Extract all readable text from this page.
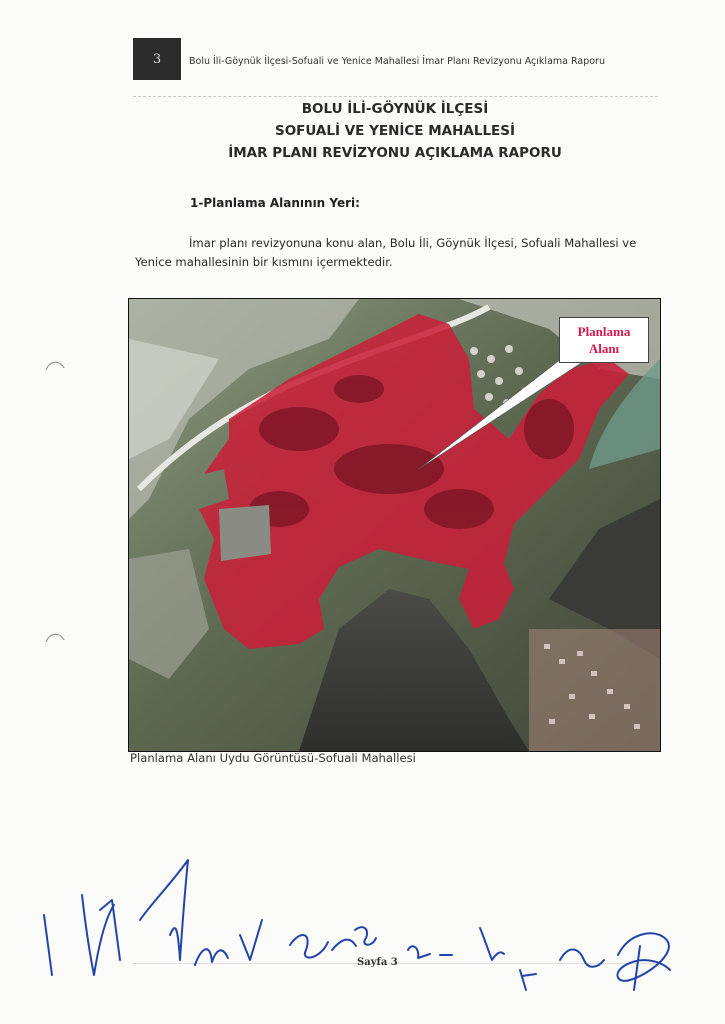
3	Bolu İli-Göynük İlçesi-Sofuali ve Yenice Mahallesi İmar Planı Revizyonu Açıklama Raporu
BOLU İLİ-GÖYNÜK İLÇESİ
SOFUALİ VE YENİCE MAHALLESİ
İMAR PLANI REVİZYONU AÇIKLAMA RAPORU
1-Planlama Alanının Yeri:
İmar planı revizyonuna konu alan, Bolu İli, Göynük İlçesi, Sofuali Mahallesi ve
Yenice mahallesinin bir kısmını içermektedir.
Planlama
Alanı
Planlama Alanı Uydu Görüntüsü-Sofuali Mahallesi
Sayfa 3
